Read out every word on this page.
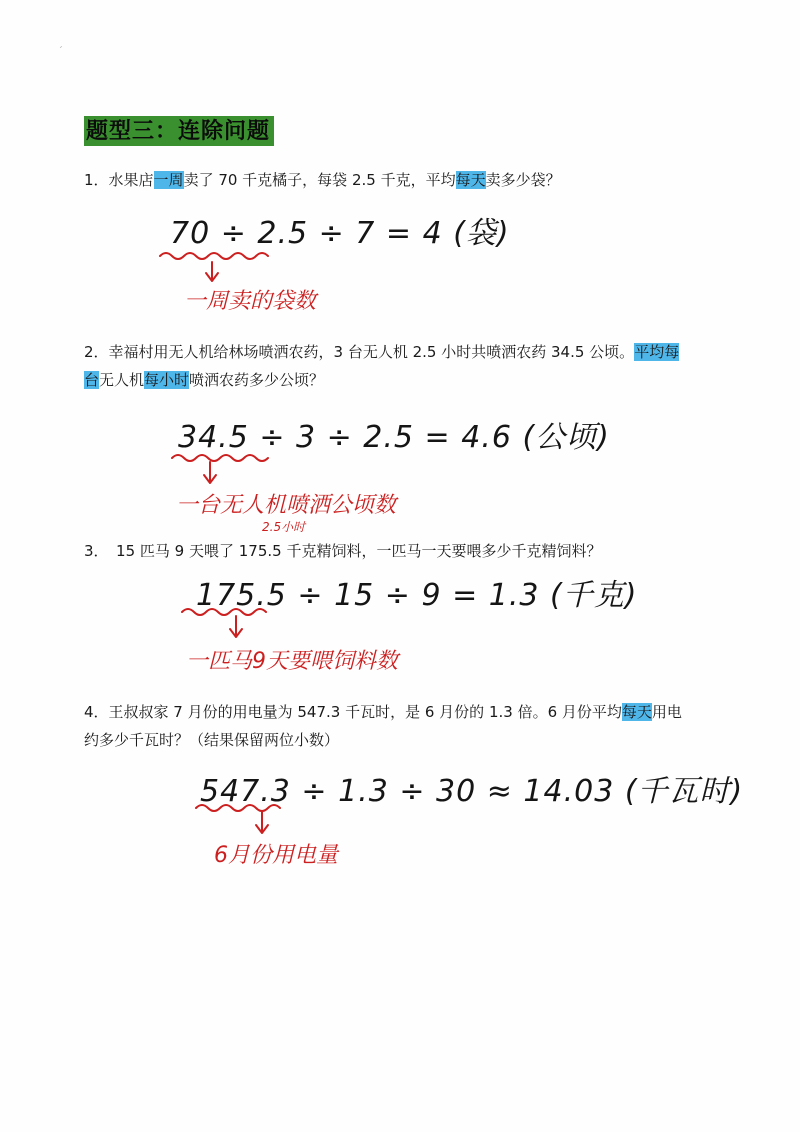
ˊ
题型三：连除问题
1．水果店一周卖了 70 千克橘子，每袋 2.5 千克，平均每天卖多少袋？
70 ÷ 2.5 ÷ 7 = 4 (袋)
一周卖的袋数
2．幸福村用无人机给林场喷洒农药，3 台无人机 2.5 小时共喷洒农药 34.5 公顷。平均每
台无人机每小时喷洒农药多少公顷？
34.5 ÷ 3 ÷ 2.5 = 4.6 (公顷)
一台无人机喷洒公顷数
2.5小时
3．　15 匹马 9 天喂了 175.5 千克精饲料，一匹马一天要喂多少千克精饲料？
175.5 ÷ 15 ÷ 9 = 1.3 (千克)
一匹马9天要喂饲料数
4．王叔叔家 7 月份的用电量为 547.3 千瓦时，是 6 月份的 1.3 倍。6 月份平均每天用电
约多少千瓦时？（结果保留两位小数）
547.3 ÷ 1.3 ÷ 30 ≈ 14.03 (千瓦时)
6月份用电量
